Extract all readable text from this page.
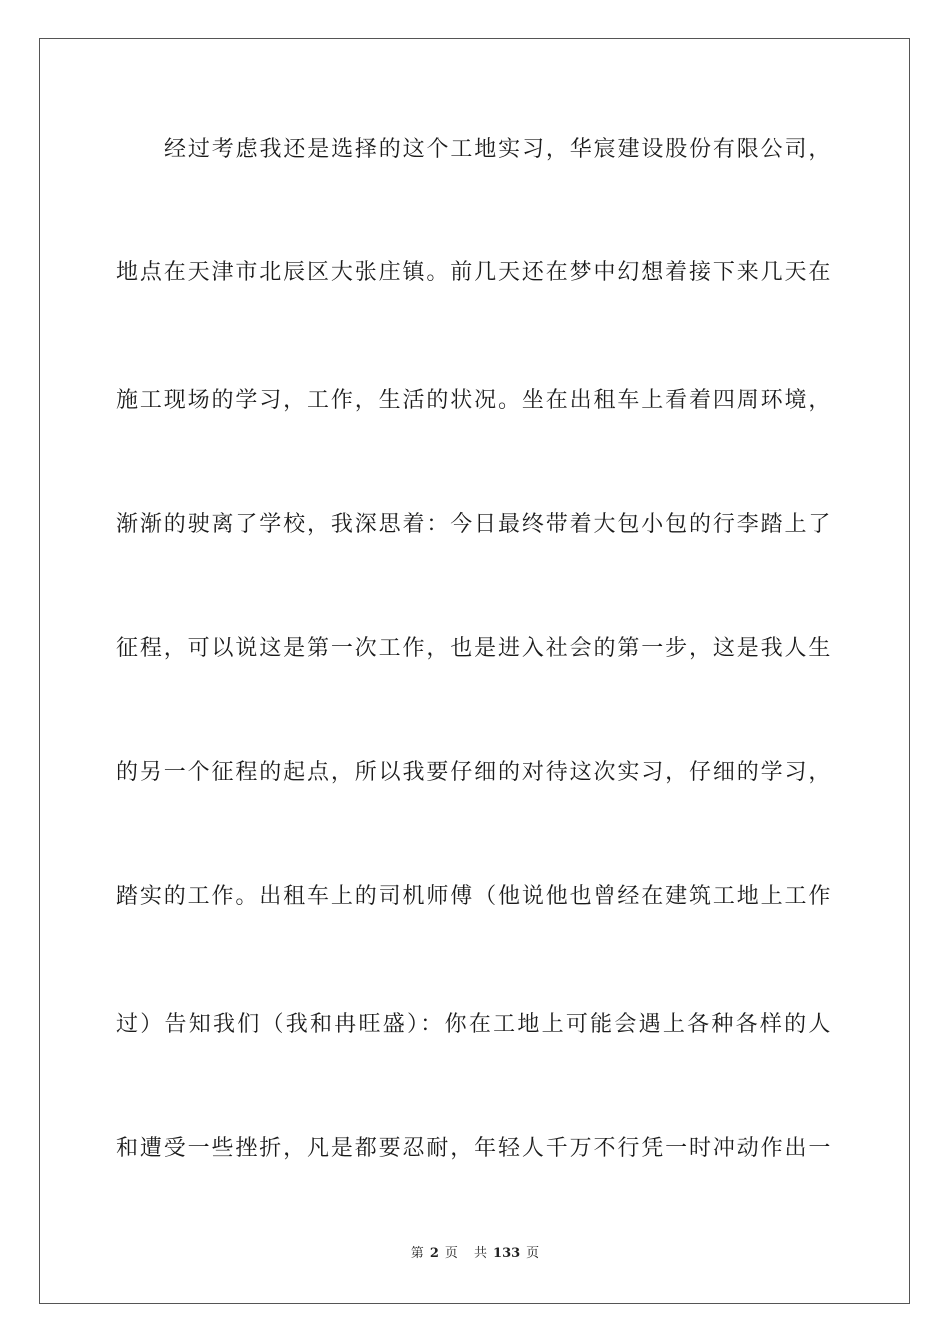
经过考虑我还是选择的这个工地实习，华宸建设股份有限公司，
地点在天津市北辰区大张庄镇。前几天还在梦中幻想着接下来几天在
施工现场的学习，工作，生活的状况。坐在出租车上看着四周环境，
渐渐的驶离了学校，我深思着：今日最终带着大包小包的行李踏上了
征程，可以说这是第一次工作，也是进入社会的第一步，这是我人生
的另一个征程的起点，所以我要仔细的对待这次实习，仔细的学习，
踏实的工作。出租车上的司机师傅（他说他也曾经在建筑工地上工作
过）告知我们（我和冉旺盛）：你在工地上可能会遇上各种各样的人
和遭受一些挫折，凡是都要忍耐，年轻人千万不行凭一时冲动作出一
第 2 页 共 133 页
